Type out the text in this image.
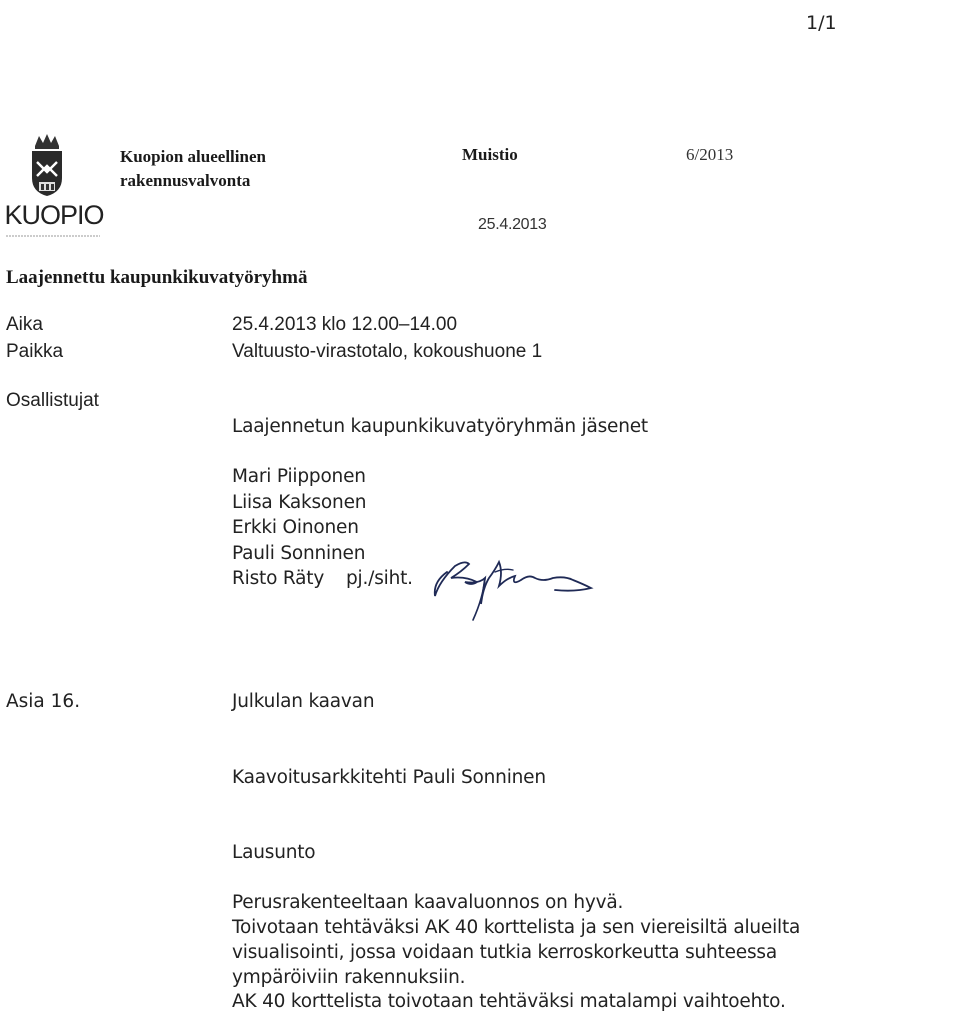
1/1
KUOPIO
Kuopion alueellinen
rakennusvalvonta
Muistio	6/2013
25.4.2013
Laajennettu kaupunkikuvatyöryhmä
Aika	25.4.2013 klo 12.00–14.00
Paikka	Valtuusto-virastotalo, kokoushuone 1
Osallistujat
Laajennetun kaupunkikuvatyöryhmän jäsenet
Mari Piipponen
Liisa Kaksonen
Erkki Oinonen
Pauli Sonninen
Risto Räty pj./siht.
Asia 16.	Julkulan kaavan
Kaavoitusarkkitehti Pauli Sonninen
Lausunto
Perusrakenteeltaan kaavaluonnos on hyvä.
Toivotaan tehtäväksi AK 40 korttelista ja sen viereisiltä alueilta
visualisointi, jossa voidaan tutkia kerroskorkeutta suhteessa
ympäröiviin rakennuksiin.
AK 40 korttelista toivotaan tehtäväksi matalampi vaihtoehto.
